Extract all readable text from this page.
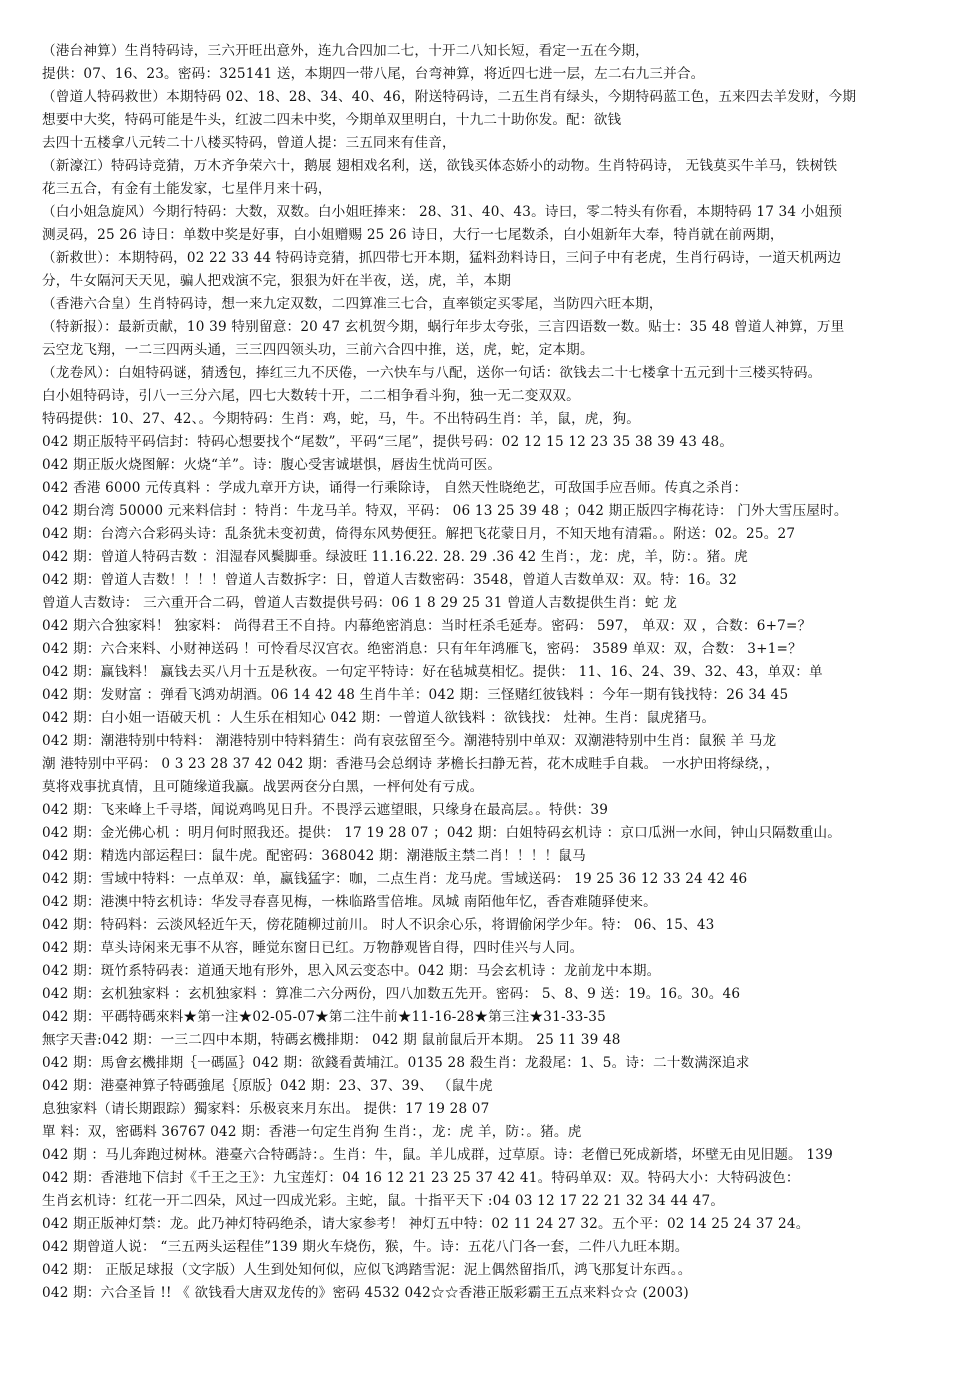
（港台神算）生肖特码诗，三六开旺出意外，连九合四加二七，十开二八知长短，看定一五在今期，
提供：07、16、23。密码：325141 送，本期四一带八尾，台弯神算，将近四七进一层，左二右九三并合。
（曾道人特码救世）本期特码 02、18、28、34、40、46，附送特码诗，二五生肖有绿头，今期特码蓝工色，五来四去羊发财，今期
想要中大奖，特码可能是牛头，红波二四未中奖，今期单双里明白，十九二十助你发。配：欲钱
去四十五楼拿八元转二十八楼买特码，曾道人提：三五同来有佳音，
（新濠江）特码诗竞猜，万木齐争荣六十，鹅展 翅相戏名利，送，欲钱买体态娇小的动物。生肖特码诗， 无钱莫买牛羊马，铁树铁
花三五合，有金有土能发家，七星伴月来十码，
（白小姐急旋风）今期行特码：大数，双数。白小姐旺捧来： 28、31、40、43。诗曰，零二特头有你看，本期特码 17 34 小姐预
测灵码，25 26 诗日：单数中奖是好事，白小姐赠赐 25 26 诗日，大行一七尾数杀，白小姐新年大奉，特肖就在前两期，
（新救世）：本期特码，02 22 33 44 特码诗竞猜，抓四带七开本期，猛料劲料诗日，三问子中有老虎，生肖行码诗，一道天机两边
分，牛女隔河天天见，骗人把戏演不完，狠狠为奸在半夜，送，虎，羊，本期
（香港六合皇）生肖特码诗，想一来九定双数，二四算准三七合，直率锁定买零尾，当防四六旺本期，
（特新报）：最新贡献，10 39 特别留意：20 47 玄机贺今期，蜗行年步太夸张，三言四语数一数。贴士：35 48 曾道人神算，万里
云空龙飞翔，一二三四两头通，三三四四领头功，三前六合四中推，送，虎，蛇，定本期。
（龙卷风）：白姐特码谜，猜透包，捧红三九不厌倦，一六快车与八配，送你一句话：欲钱去二十七楼拿十五元到十三楼买特码。
白小姐特码诗，引八一三分六尾，四七大数转十开，二二相争看斗狗，独一无二变双双。
特码提供：10、27、42、。今期特码：生肖：鸡，蛇，马，牛。不出特码生肖：羊，鼠，虎，狗。
042 期正版特平码信封：特码心想要找个“尾数”，平码“三尾”，提供号码：02 12 15 12 23 35 38 39 43 48。
042 期正版火烧图解：火烧“羊”。诗：腹心受害诚堪惧，唇齿生忧尚可医。
042 香港 6000 元传真料 ：学成九章开方诀，诵得一行乘除诗， 自然天性晓绝艺，可敌国手应吾师。传真之杀肖：
042 期台湾 50000 元来料信封 ：特肖：牛龙马羊。特双，平码： 06 13 25 39 48 ；042 期正版四字梅花诗： 门外大雪压屋时。
042 期：台湾六合彩码头诗：乱条犹未变初黄，倚得东风势便狂。解把飞花蒙日月，不知天地有清霜。。附送：02。25。27
042 期：曾道人特码吉数 ：泪湿春风鬓脚垂。绿波旺 11.16.22. 28. 29 .36 42 生肖：，龙：虎，羊，防：。猪。虎
042 期：曾道人吉数！！！！曾道人吉数拆字：日，曾道人吉数密码：3548，曾道人吉数单双：双。特：16。32
曾道人吉数诗： 三六重开合二码，曾道人吉数提供号码：06 1 8 29 25 31 曾道人吉数提供生肖：蛇 龙
042 期六合独家料！ 独家料： 尚得君王不自持。内幕绝密消息：当时枉杀毛延寿。密码： 597， 单双：双 ，合数：6+7=？
042 期：六合来料、小财神送码 ！可怜看尽汉宫衣。绝密消息：只有年年鸿雁飞，密码： 3589 单双：双，合数： 3+1=？
042 期：赢钱料！ 赢钱去买八月十五是秋夜。一句定平特诗：好在毡城莫相忆。提供： 11、16、24、39、32、43，单双：单
042 期：发财富 ：弹看飞鸿劝胡酒。06 14 42 48 生肖牛羊：042 期：三怪赌红彼钱料 ：今年一期有钱找特：26 34 45
042 期：白小姐一语破天机 ：人生乐在相知心 042 期：一曾道人欲钱料 ：欲钱找： 灶神。生肖：鼠虎猪马。
042 期：潮港特别中特料： 潮港特别中特料猜生：尚有哀弦留至今。潮港特别中单双：双潮港特别中生肖：鼠猴 羊 马龙
潮 港特别中平码： 0 3 23 28 37 42 042 期：香港马会总纲诗 茅檐长扫静无苔，花木成畦手自栽。 一水护田将绿绕，，
莫将戏事扰真情，且可随缘道我赢。战罢两奁分白黑，一枰何处有亏成。
042 期：飞来峰上千寻塔，闻说鸡鸣见日升。不畏浮云遮望眼，只缘身在最高层。。特供：39
042 期：金光佛心机 ：明月何时照我还。提供： 17 19 28 07 ；042 期：白姐特码玄机诗 ：京口瓜洲一水间，钟山只隔数重山。
042 期：精选内部运程曰：鼠牛虎。配密码：368042 期：潮港版主禁二肖！！！！鼠马
042 期：雪域中特料：一点单双：单，赢钱猛字：咖，二点生肖：龙马虎。雪域送码： 19 25 36 12 33 24 42 46
042 期：港澳中特玄机诗：华发寻春喜见梅，一株临路雪倍堆。凤城 南陌他年忆，香杳难随驿使来。
042 期：特码料：云淡风轻近午天，傍花随柳过前川。 时人不识余心乐，将谓偷闲学少年。特： 06、15、43
042 期：草头诗闲来无事不从容，睡觉东窗日已红。万物静观皆自得，四时佳兴与人同。
042 期：斑竹系特码表：道通天地有形外，思入风云变态中。042 期：马会玄机诗 ：龙前龙中本期。
042 期：玄机独家料 ：玄机独家料 ：算准二六分两份，四八加数五先开。密码： 5、8、9 送：19。16。30。46
042 期：平碼特碼來料★第一注★02-05-07★第二注牛前★11-16-28★第三注★31-33-35
無字天書:042 期：一三二四中本期，特碼玄機排期： 042 期 鼠前鼠后开本期。 25 11 39 48
042 期：馬會玄機排期｛一碼區｝042 期：欲錢看黃埔江。0135 28 殺生肖：龙殺尾：1、5。诗：二十数满深追求
042 期：港臺神算子特碼強尾｛原版｝042 期：23、37、39、 （鼠牛虎
息独家料（请长期跟踪）獨家料：乐极哀来月东出。 提供：17 19 28 07
單 料：双，密碼料 36767 042 期：香港一句定生肖狗 生肖：，龙：虎 羊，防：。猪。虎
042 期 ：马儿奔跑过树林。港臺六合特碼詩：。生肖：牛，鼠。羊儿成群，过草原。诗：老僧已死成新塔，坏壁无由见旧题。 139
042 期：香港地下信封《千王之王》：九宝莲灯：04 16 12 21 23 25 37 42 41。特码单双：双。特码大小：大特码波色：
生肖玄机诗：红花一开二四朵，风过一四成光彩。主蛇，鼠。十指平天下 :04 03 12 17 22 21 32 34 44 47。
042 期正版神灯禁：龙。此乃神灯特码绝杀，请大家参考！ 神灯五中特：02 11 24 27 32。五个平：02 14 25 24 37 24。
042 期曾道人说： “三五两头运程佳”139 期火车烧伤，猴，牛。诗：五花八门各一套，二件八九旺本期。
042 期： 正版足球报（文字版）人生到处知何似，应似飞鸿踏雪泥：泥上偶然留指爪，鸿飞那复计东西。。
042 期：六合圣旨 !! 《 欲钱看大唐双龙传的》密码 4532 042☆☆香港正版彩霸王五点来料☆☆ (2003)
